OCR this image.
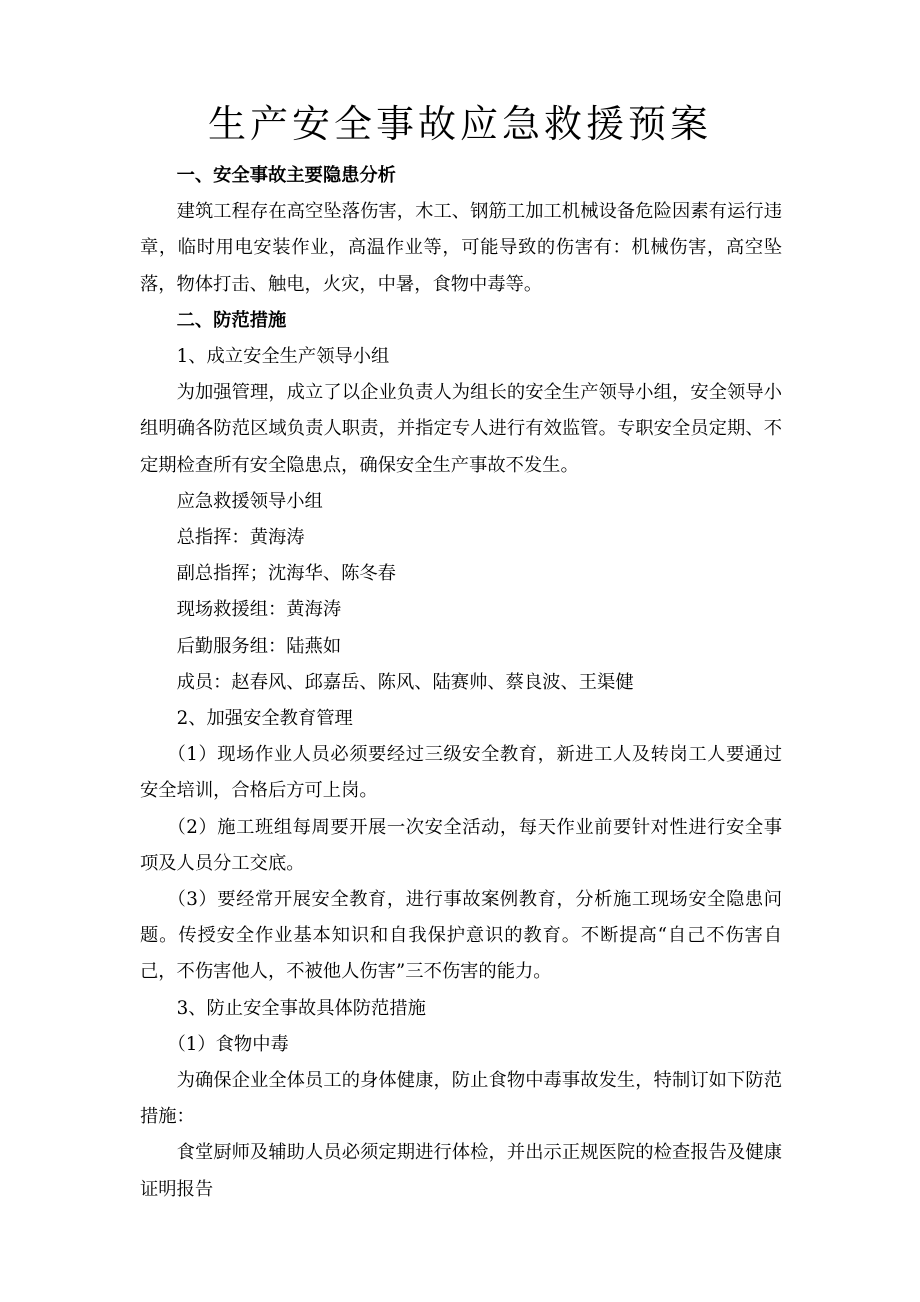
生产安全事故应急救援预案

一、安全事故主要隐患分析

建筑工程存在高空坠落伤害，木工、钢筋工加工机械设备危险因素有运行违章，临时用电安装作业，高温作业等，可能导致的伤害有：机械伤害，高空坠落，物体打击、触电，火灾，中暑，食物中毒等。

二、防范措施

1、成立安全生产领导小组

为加强管理，成立了以企业负责人为组长的安全生产领导小组，安全领导小组明确各防范区域负责人职责，并指定专人进行有效监管。专职安全员定期、不定期检查所有安全隐患点，确保安全生产事故不发生。

应急救援领导小组

总指挥：黄海涛

副总指挥；沈海华、陈冬春

现场救援组：黄海涛

后勤服务组：陆燕如

成员：赵春风、邱嘉岳、陈风、陆赛帅、蔡良波、王渠健

2、加强安全教育管理

（1）现场作业人员必须要经过三级安全教育，新进工人及转岗工人要通过安全培训，合格后方可上岗。

（2）施工班组每周要开展一次安全活动，每天作业前要针对性进行安全事项及人员分工交底。

（3）要经常开展安全教育，进行事故案例教育，分析施工现场安全隐患问题。传授安全作业基本知识和自我保护意识的教育。不断提高“自己不伤害自己，不伤害他人，不被他人伤害”三不伤害的能力。

3、防止安全事故具体防范措施

（1）食物中毒

为确保企业全体员工的身体健康，防止食物中毒事故发生，特制订如下防范措施：

食堂厨师及辅助人员必须定期进行体检，并出示正规医院的检查报告及健康证明报告
